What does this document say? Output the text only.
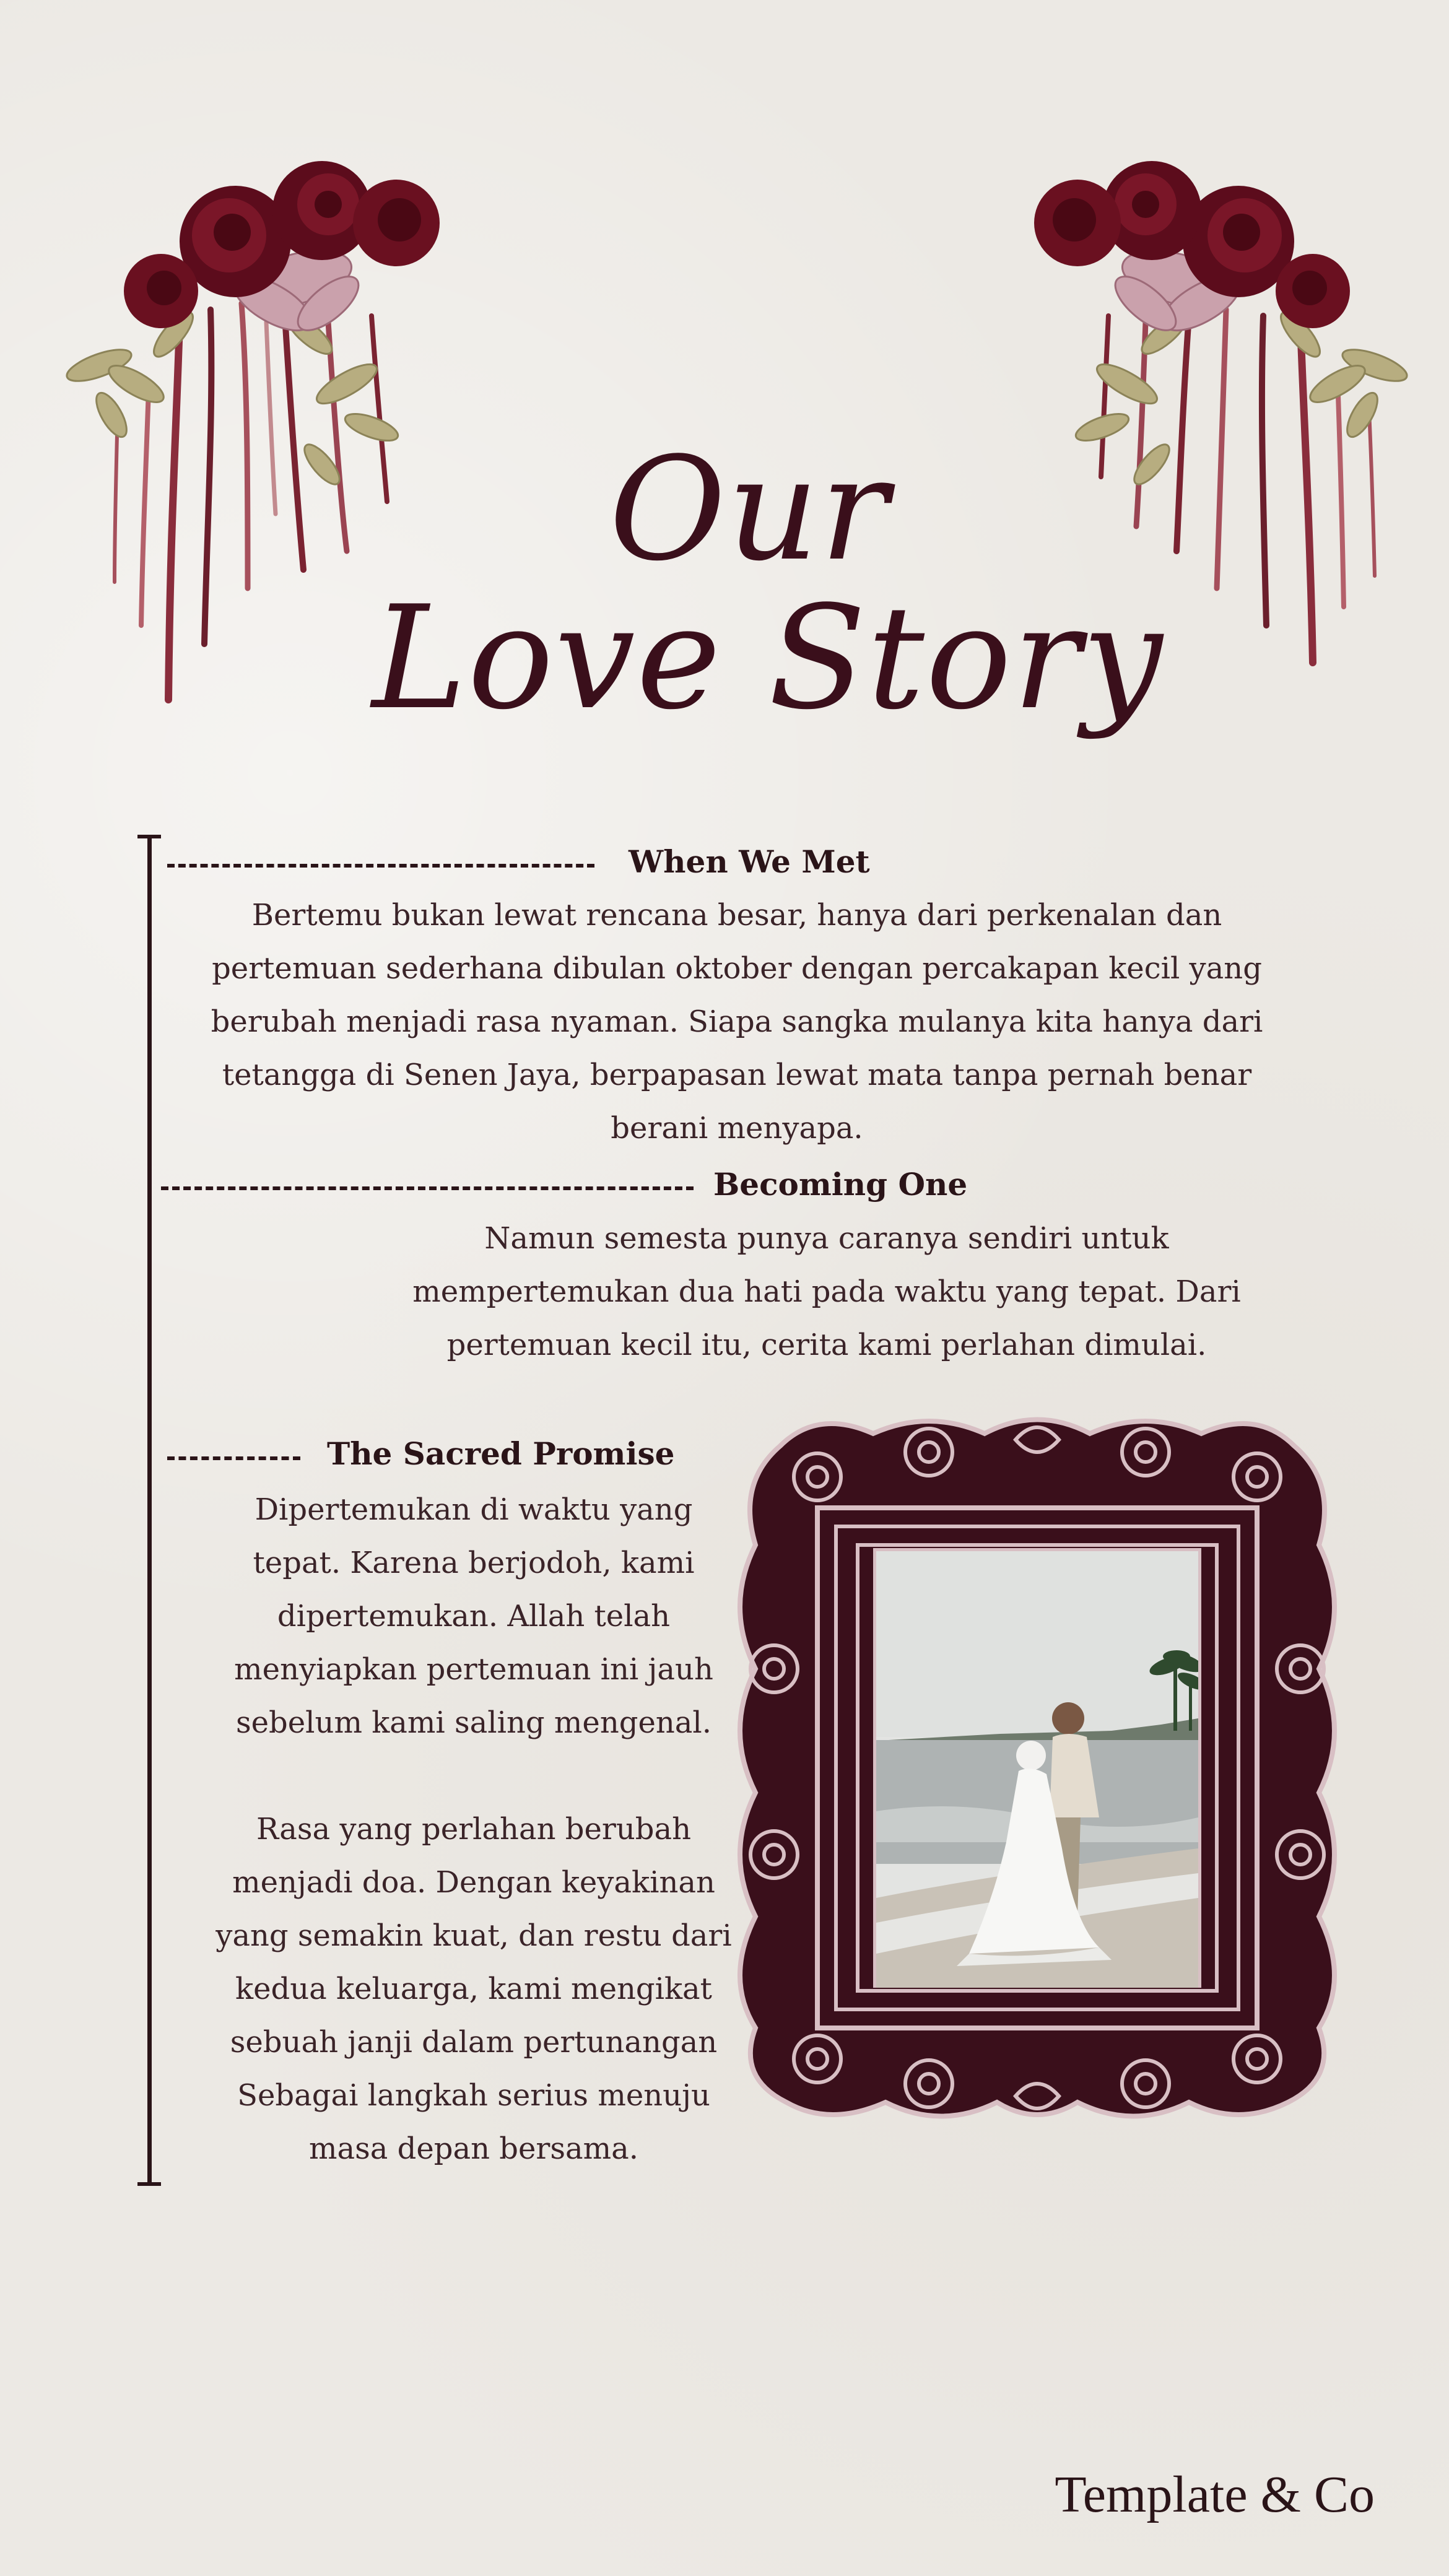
Our
Love Story
When We Met
Bertemu bukan lewat rencana besar, hanya dari perkenalan dan
pertemuan sederhana dibulan oktober dengan percakapan kecil yang
berubah menjadi rasa nyaman. Siapa sangka mulanya kita hanya dari
tetangga di Senen Jaya, berpapasan lewat mata tanpa pernah benar
berani menyapa.
Becoming One
Namun semesta punya caranya sendiri untuk
mempertemukan dua hati pada waktu yang tepat. Dari
pertemuan kecil itu, cerita kami perlahan dimulai.
The Sacred Promise
Dipertemukan di waktu yang
tepat. Karena berjodoh, kami
dipertemukan. Allah telah
menyiapkan pertemuan ini jauh
sebelum kami saling mengenal.
Rasa yang perlahan berubah
menjadi doa. Dengan keyakinan
yang semakin kuat, dan restu dari
kedua keluarga, kami mengikat
sebuah janji dalam pertunangan
Sebagai langkah serius menuju
masa depan bersama.
Template & Co
